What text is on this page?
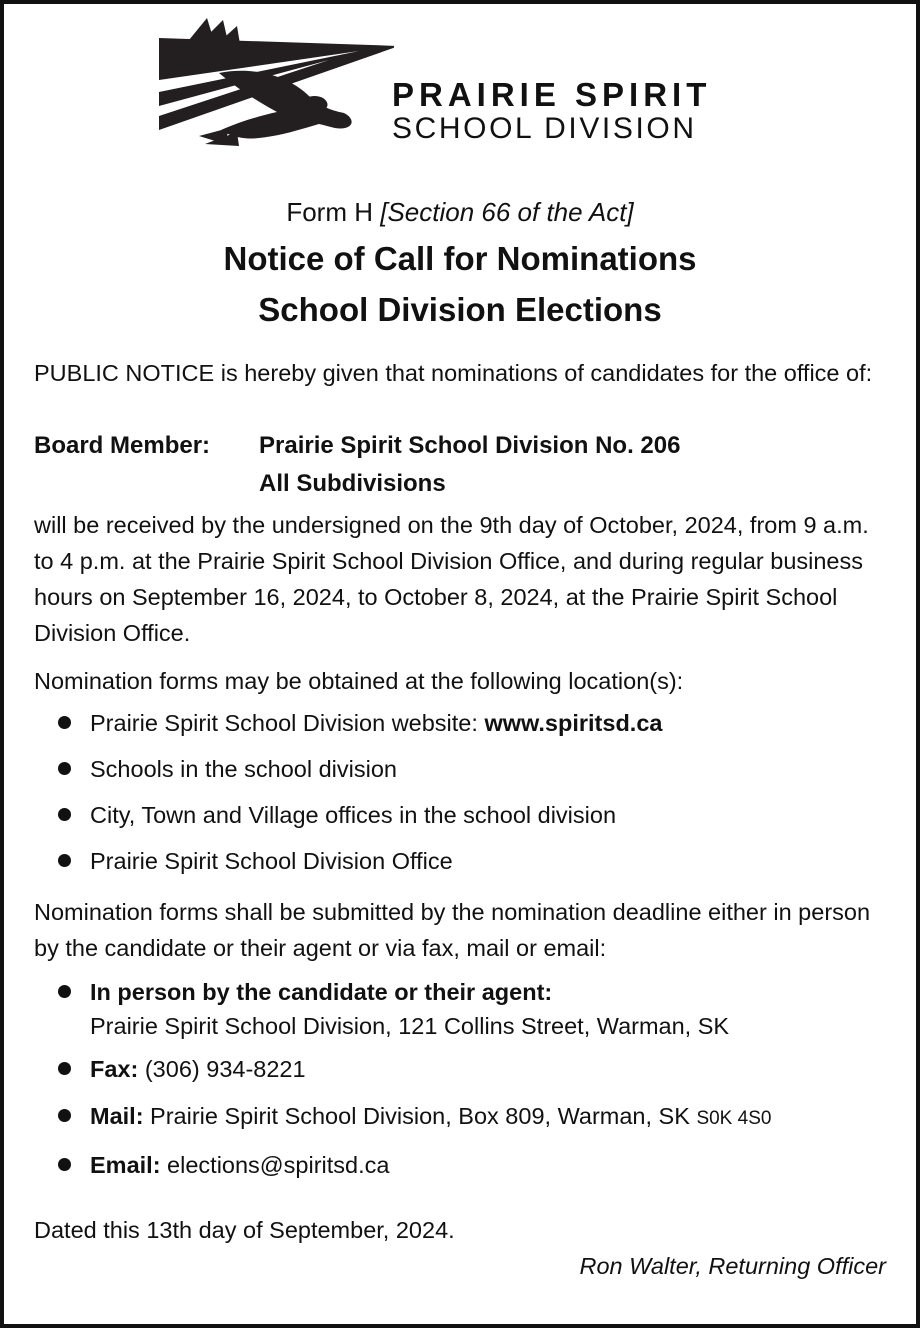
PRAIRIE SPIRIT
SCHOOL DIVISION
Form H [Section 66 of the Act]
Notice of Call for Nominations
School Division Elections
PUBLIC NOTICE is hereby given that nominations of candidates for the office of:
Board Member: Prairie Spirit School Division No. 206
All Subdivisions
will be received by the undersigned on the 9th day of October, 2024, from 9 a.m. to 4 p.m. at the Prairie Spirit School Division Office, and during regular business hours on September 16, 2024, to October 8, 2024, at the Prairie Spirit School Division Office.
Nomination forms may be obtained at the following location(s):
Prairie Spirit School Division website: www.spiritsd.ca
Schools in the school division
City, Town and Village offices in the school division
Prairie Spirit School Division Office
Nomination forms shall be submitted by the nomination deadline either in person by the candidate or their agent or via fax, mail or email:
In person by the candidate or their agent:
Prairie Spirit School Division, 121 Collins Street, Warman, SK
Fax: (306) 934-8221
Mail: Prairie Spirit School Division, Box 809, Warman, SK S0K 4S0
Email: elections@spiritsd.ca
Dated this 13th day of September, 2024.
Ron Walter, Returning Officer
